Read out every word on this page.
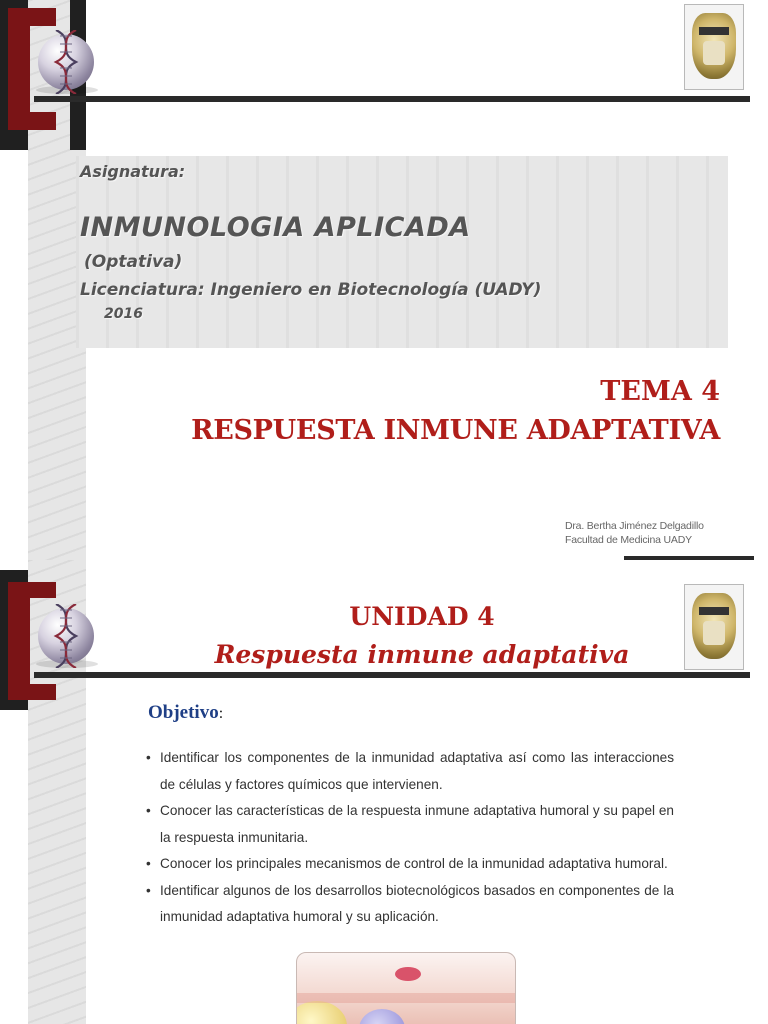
Asignatura:
INMUNOLOGIA APLICADA
(Optativa)
Licenciatura: Ingeniero en Biotecnología (UADY)
2016
TEMA 4
RESPUESTA INMUNE ADAPTATIVA
Dra. Bertha Jiménez Delgadillo
Facultad de Medicina UADY
UNIDAD 4
Respuesta inmune adaptativa
Objetivo:
• Identificar los componentes de la inmunidad adaptativa así como las interacciones de células y factores químicos que intervienen.
• Conocer las características de la respuesta inmune adaptativa humoral y su papel en la respuesta inmunitaria.
• Conocer los principales mecanismos de control de la inmunidad adaptativa humoral.
• Identificar algunos de los desarrollos biotecnológicos basados en componentes de la inmunidad adaptativa humoral y su aplicación.
